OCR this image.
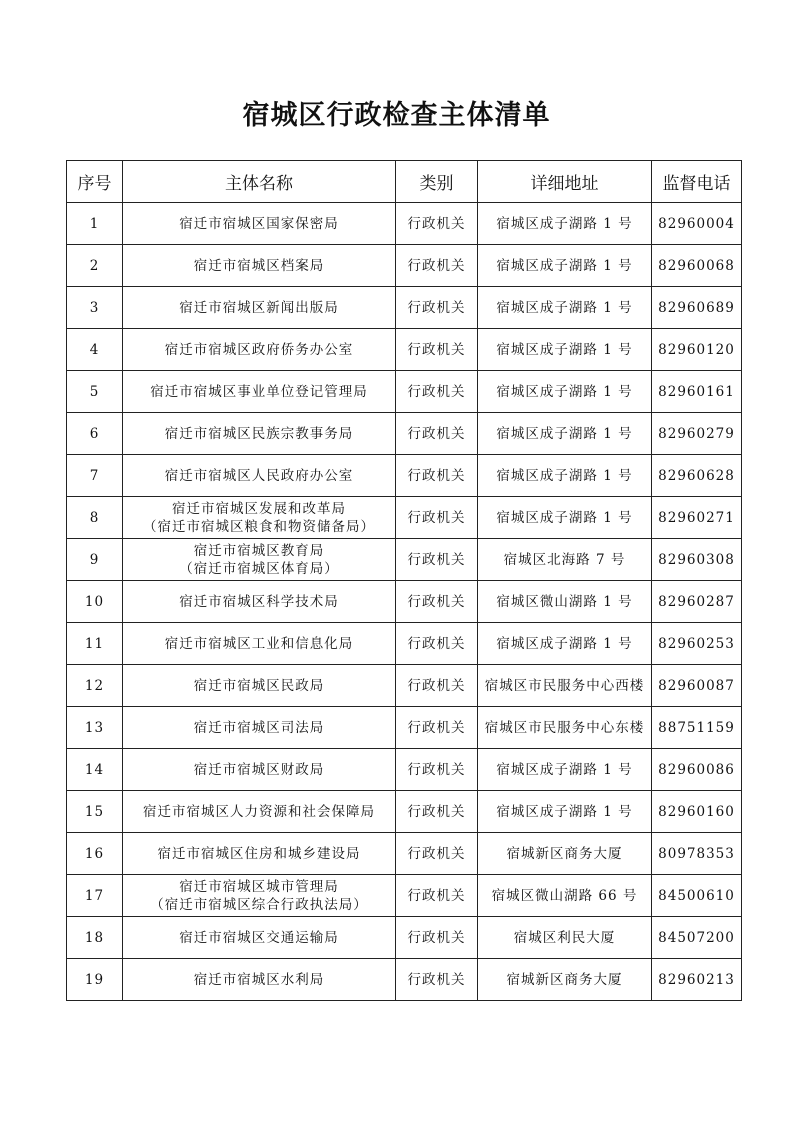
宿城区行政检查主体清单
序号	主体名称	类别	详细地址	监督电话
1	宿迁市宿城区国家保密局	行政机关	宿城区成子湖路 1 号	82960004
2	宿迁市宿城区档案局	行政机关	宿城区成子湖路 1 号	82960068
3	宿迁市宿城区新闻出版局	行政机关	宿城区成子湖路 1 号	82960689
4	宿迁市宿城区政府侨务办公室	行政机关	宿城区成子湖路 1 号	82960120
5	宿迁市宿城区事业单位登记管理局	行政机关	宿城区成子湖路 1 号	82960161
6	宿迁市宿城区民族宗教事务局	行政机关	宿城区成子湖路 1 号	82960279
7	宿迁市宿城区人民政府办公室	行政机关	宿城区成子湖路 1 号	82960628
8	宿迁市宿城区发展和改革局
（宿迁市宿城区粮食和物资储备局）	行政机关	宿城区成子湖路 1 号	82960271
9	宿迁市宿城区教育局
（宿迁市宿城区体育局）	行政机关	宿城区北海路 7 号	82960308
10	宿迁市宿城区科学技术局	行政机关	宿城区微山湖路 1 号	82960287
11	宿迁市宿城区工业和信息化局	行政机关	宿城区成子湖路 1 号	82960253
12	宿迁市宿城区民政局	行政机关	宿城区市民服务中心西楼	82960087
13	宿迁市宿城区司法局	行政机关	宿城区市民服务中心东楼	88751159
14	宿迁市宿城区财政局	行政机关	宿城区成子湖路 1 号	82960086
15	宿迁市宿城区人力资源和社会保障局	行政机关	宿城区成子湖路 1 号	82960160
16	宿迁市宿城区住房和城乡建设局	行政机关	宿城新区商务大厦	80978353
17	宿迁市宿城区城市管理局
（宿迁市宿城区综合行政执法局）	行政机关	宿城区微山湖路 66 号	84500610
18	宿迁市宿城区交通运输局	行政机关	宿城区利民大厦	84507200
19	宿迁市宿城区水利局	行政机关	宿城新区商务大厦	82960213
